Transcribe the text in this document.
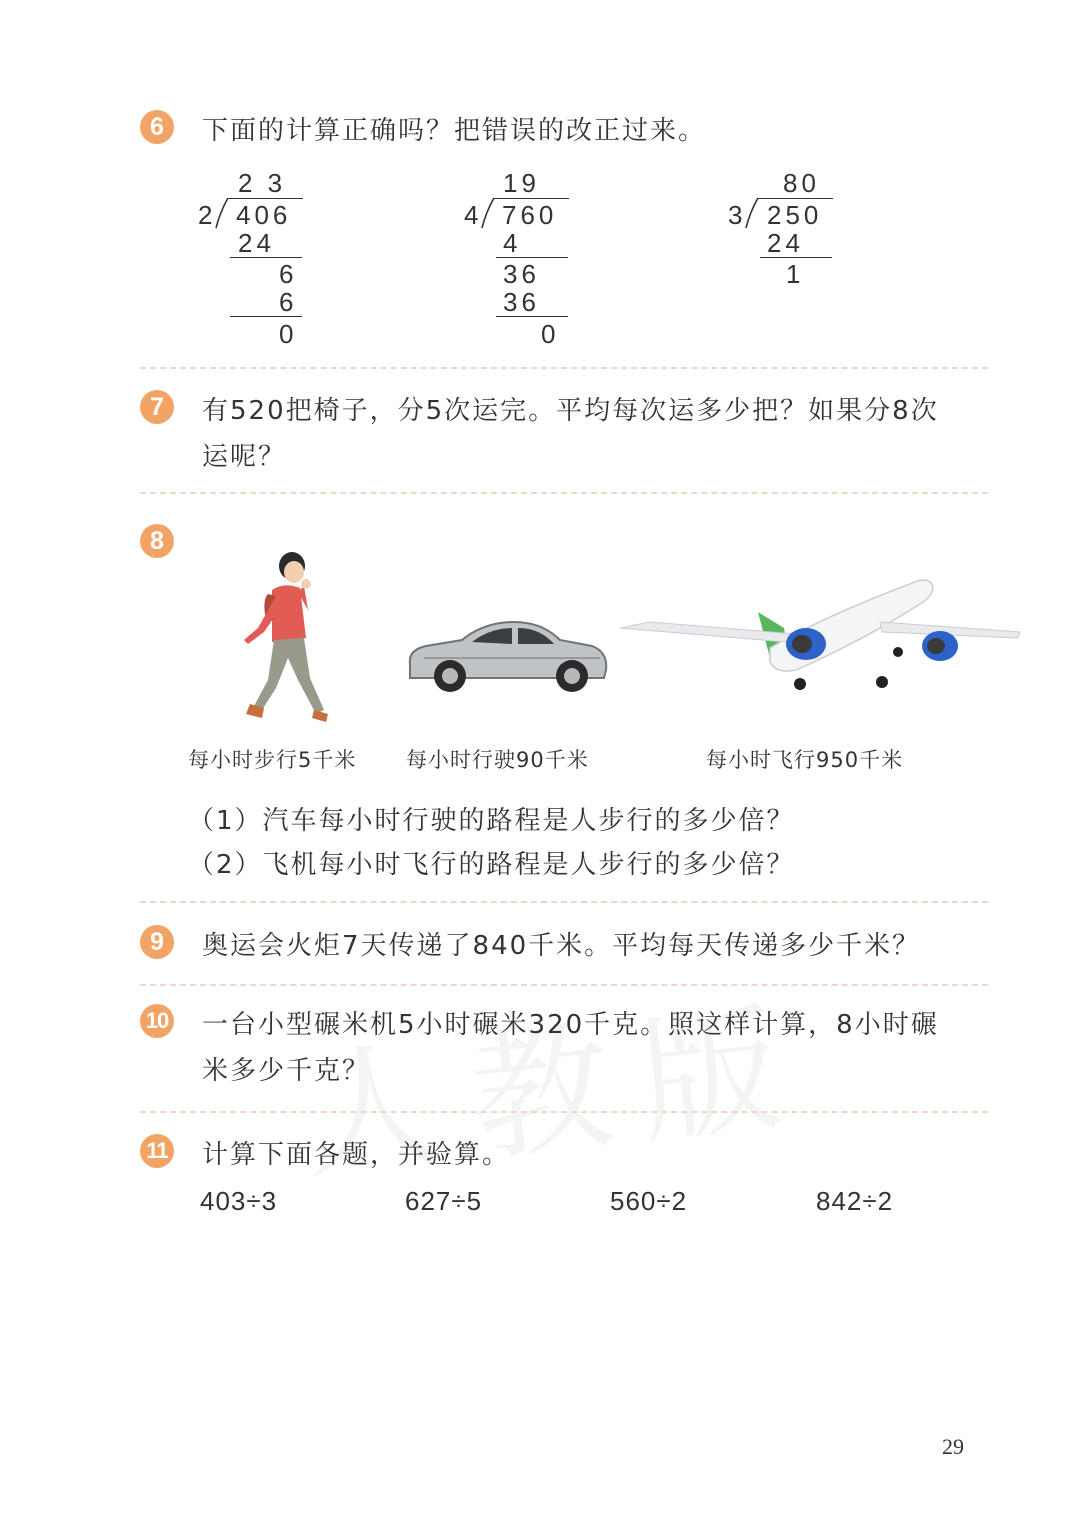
6	下面的计算正确吗？把错误的改正过来。
2 3
2 406
24
6
6
0
19
4 760
4
36
36
0
80
3 250
24
1
7	有520把椅子，分5次运完。平均每次运多少把？如果分8次
运呢？
8
每小时步行5千米 每小时行驶90千米	每小时飞行950千米
（1）汽车每小时行驶的路程是人步行的多少倍？
（2）飞机每小时飞行的路程是人步行的多少倍？
9	奥运会火炬7天传递了840千米。平均每天传递多少千米？
10 一台小型碾米机5小时碾米320千克。照这样计算，8小时碾
米多少千克？
11 计算下面各题，并验算。
403÷3	627÷5	560÷2	842÷2
29
